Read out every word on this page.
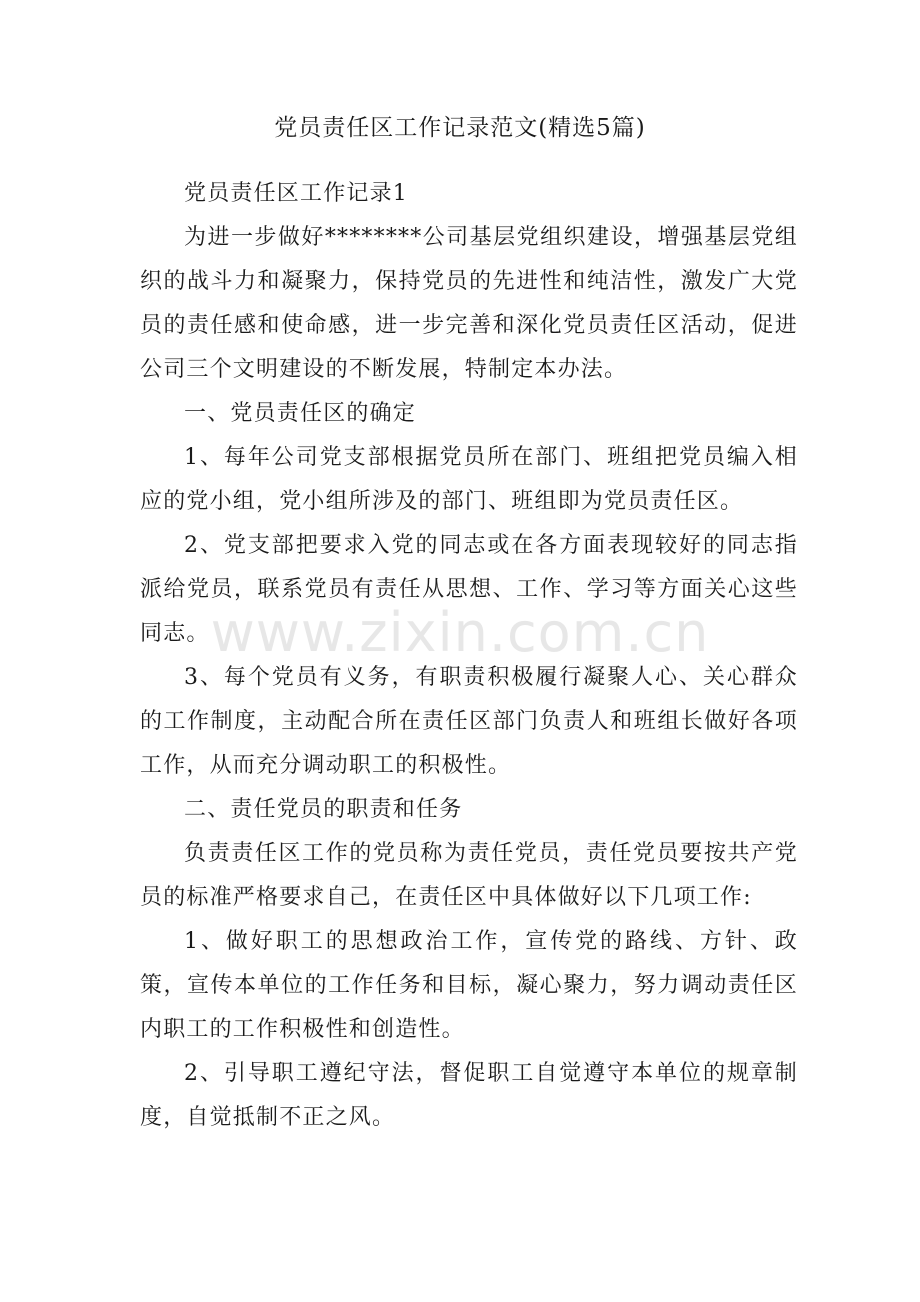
党员责任区工作记录范文(精选5篇)

党员责任区工作记录1

为进一步做好********公司基层党组织建设，增强基层党组织的战斗力和凝聚力，保持党员的先进性和纯洁性，激发广大党员的责任感和使命感，进一步完善和深化党员责任区活动，促进公司三个文明建设的不断发展，特制定本办法。

一、党员责任区的确定

1、每年公司党支部根据党员所在部门、班组把党员编入相应的党小组，党小组所涉及的部门、班组即为党员责任区。

2、党支部把要求入党的同志或在各方面表现较好的同志指派给党员，联系党员有责任从思想、工作、学习等方面关心这些同志。

3、每个党员有义务，有职责积极履行凝聚人心、关心群众的工作制度，主动配合所在责任区部门负责人和班组长做好各项工作，从而充分调动职工的积极性。

二、责任党员的职责和任务

负责责任区工作的党员称为责任党员，责任党员要按共产党员的标准严格要求自己，在责任区中具体做好以下几项工作:

1、做好职工的思想政治工作，宣传党的路线、方针、政策，宣传本单位的工作任务和目标，凝心聚力，努力调动责任区内职工的工作积极性和创造性。

2、引导职工遵纪守法，督促职工自觉遵守本单位的规章制度，自觉抵制不正之风。

www.zixin.com.cn
